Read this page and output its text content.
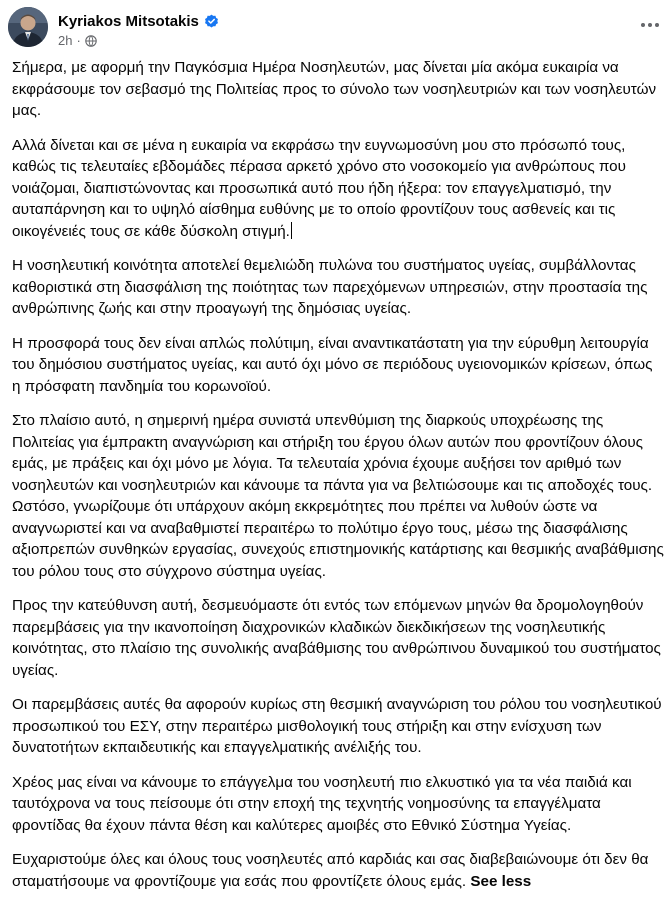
Kyriakos Mitsotakis
2h ·

Σήμερα, με αφορμή την Παγκόσμια Ημέρα Νοσηλευτών, μας δίνεται μία ακόμα ευκαιρία να εκφράσουμε τον σεβασμό της Πολιτείας προς το σύνολο των νοσηλευτριών και των νοσηλευτών μας.

Αλλά δίνεται και σε μένα η ευκαιρία να εκφράσω την ευγνωμοσύνη μου στο πρόσωπό τους, καθώς τις τελευταίες εβδομάδες πέρασα αρκετό χρόνο στο νοσοκομείο για ανθρώπους που νοιάζομαι, διαπιστώνοντας και προσωπικά αυτό που ήδη ήξερα: τον επαγγελματισμό, την αυταπάρνηση και το υψηλό αίσθημα ευθύνης με το οποίο φροντίζουν τους ασθενείς και τις οικογένειές τους σε κάθε δύσκολη στιγμή.

Η νοσηλευτική κοινότητα αποτελεί θεμελιώδη πυλώνα του συστήματος υγείας, συμβάλλοντας καθοριστικά στη διασφάλιση της ποιότητας των παρεχόμενων υπηρεσιών, στην προστασία της ανθρώπινης ζωής και στην προαγωγή της δημόσιας υγείας.

Η προσφορά τους δεν είναι απλώς πολύτιμη, είναι αναντικατάστατη για την εύρυθμη λειτουργία του δημόσιου συστήματος υγείας, και αυτό όχι μόνο σε περιόδους υγειονομικών κρίσεων, όπως η πρόσφατη πανδημία του κορωνοϊού.

Στο πλαίσιο αυτό, η σημερινή ημέρα συνιστά υπενθύμιση της διαρκούς υποχρέωσης της Πολιτείας για έμπρακτη αναγνώριση και στήριξη του έργου όλων αυτών που φροντίζουν όλους εμάς, με πράξεις και όχι μόνο με λόγια. Τα τελευταία χρόνια έχουμε αυξήσει τον αριθμό των νοσηλευτών και νοσηλευτριών και κάνουμε τα πάντα για να βελτιώσουμε και τις αποδοχές τους. Ωστόσο, γνωρίζουμε ότι υπάρχουν ακόμη εκκρεμότητες που πρέπει να λυθούν ώστε να αναγνωριστεί και να αναβαθμιστεί περαιτέρω το πολύτιμο έργο τους, μέσω της διασφάλισης αξιοπρεπών συνθηκών εργασίας, συνεχούς επιστημονικής κατάρτισης και θεσμικής αναβάθμισης του ρόλου τους στο σύγχρονο σύστημα υγείας.

Προς την κατεύθυνση αυτή, δεσμευόμαστε ότι εντός των επόμενων μηνών θα δρομολογηθούν παρεμβάσεις για την ικανοποίηση διαχρονικών κλαδικών διεκδικήσεων της νοσηλευτικής κοινότητας, στο πλαίσιο της συνολικής αναβάθμισης του ανθρώπινου δυναμικού του συστήματος υγείας.

Οι παρεμβάσεις αυτές θα αφορούν κυρίως στη θεσμική αναγνώριση του ρόλου του νοσηλευτικού προσωπικού του ΕΣΥ, στην περαιτέρω μισθολογική τους στήριξη και στην ενίσχυση των δυνατοτήτων εκπαιδευτικής και επαγγελματικής ανέλιξής του.

Χρέος μας είναι να κάνουμε το επάγγελμα του νοσηλευτή πιο ελκυστικό για τα νέα παιδιά και ταυτόχρονα να τους πείσουμε ότι στην εποχή της τεχνητής νοημοσύνης τα επαγγέλματα φροντίδας θα έχουν πάντα θέση και καλύτερες αμοιβές στο Εθνικό Σύστημα Υγείας.

Ευχαριστούμε όλες και όλους τους νοσηλευτές από καρδιάς και σας διαβεβαιώνουμε ότι δεν θα σταματήσουμε να φροντίζουμε για εσάς που φροντίζετε όλους εμάς. See less
